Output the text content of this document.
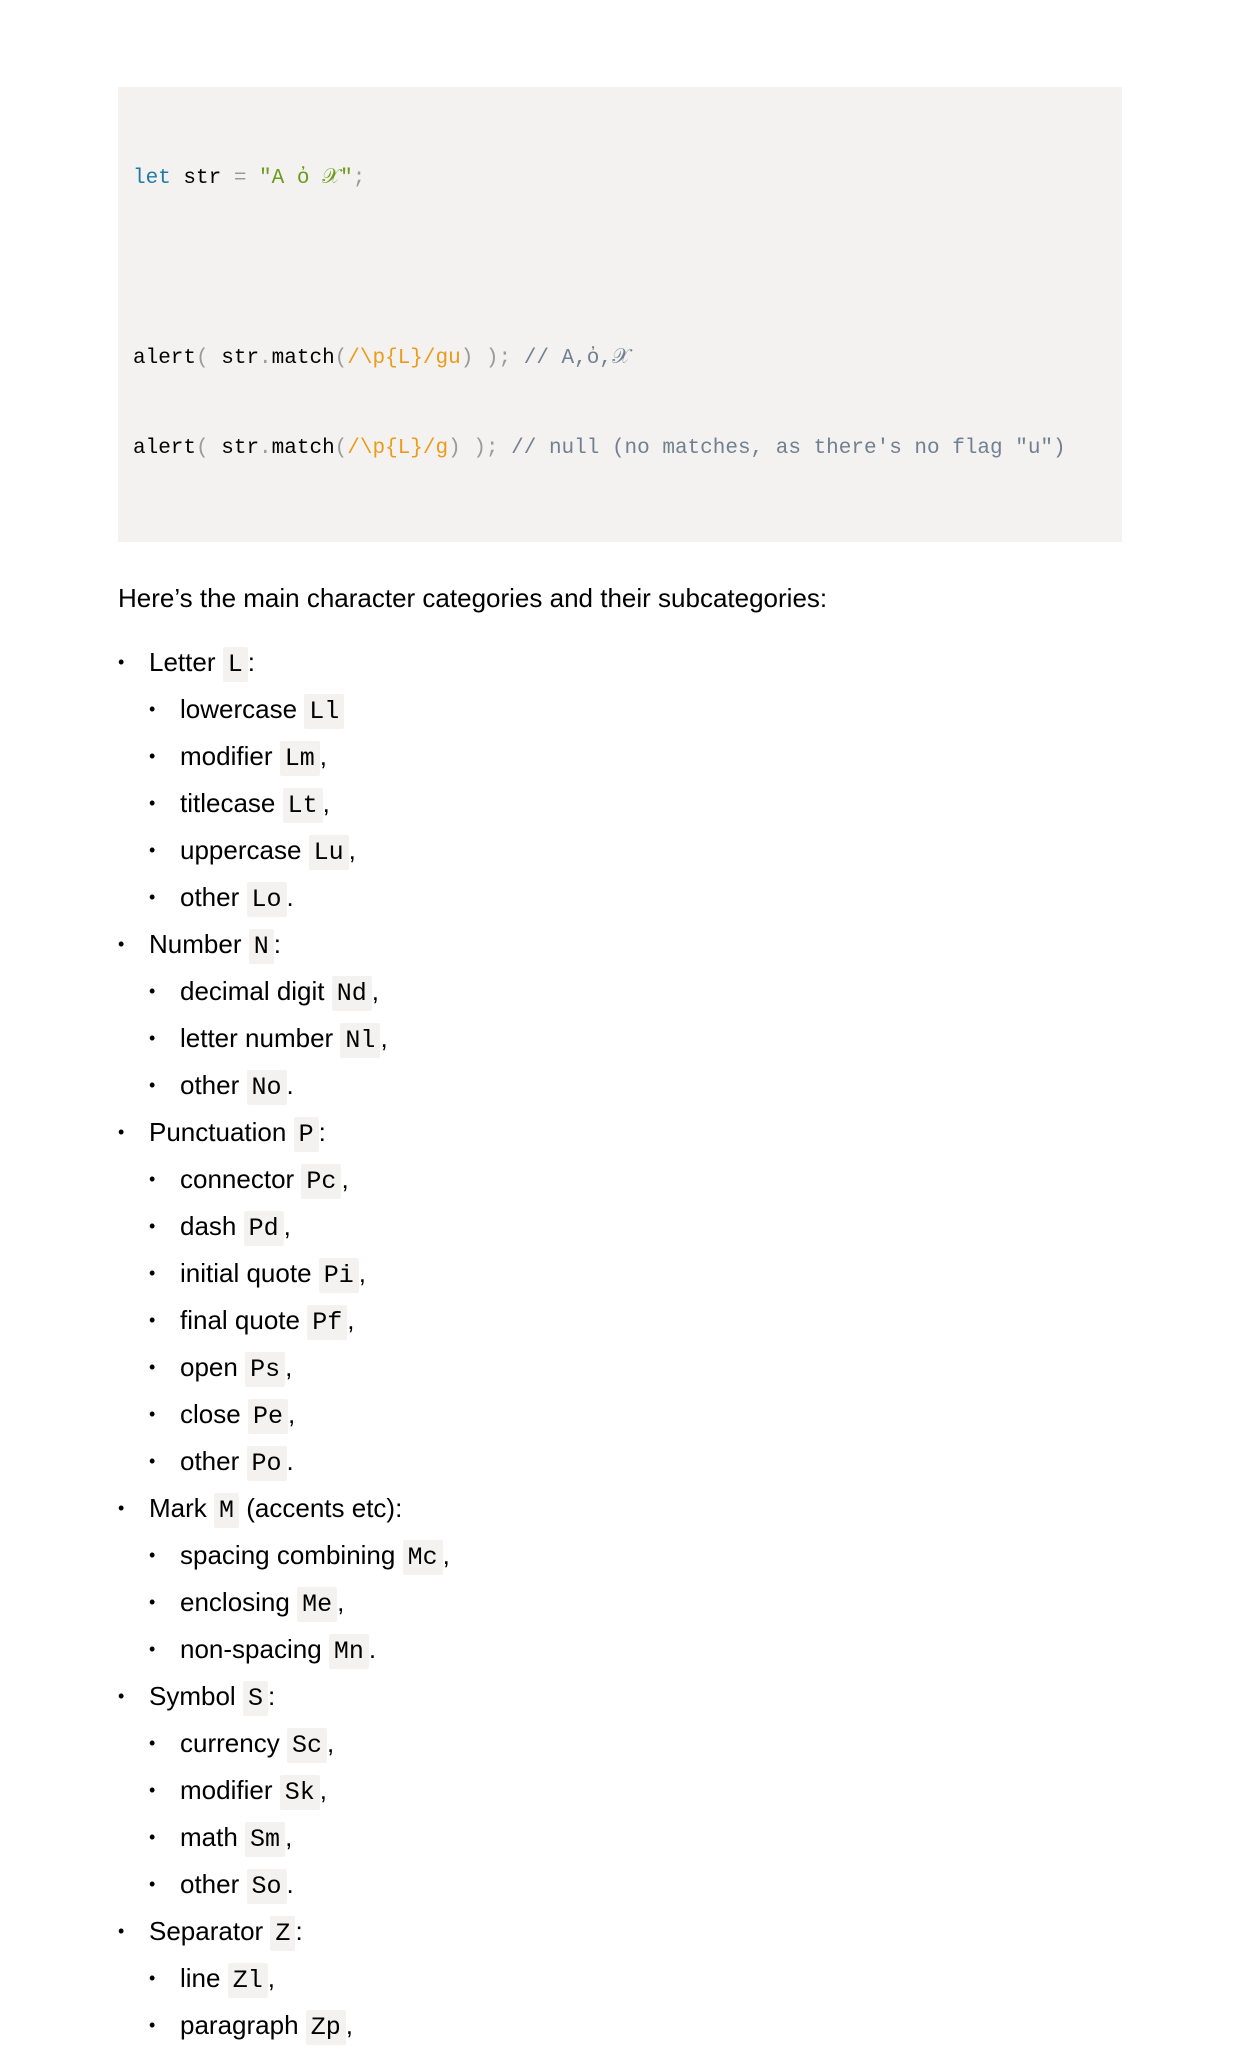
let str = "A ὀ 𝒳";

alert( str.match(/\p{L}/gu) ); // A,ὀ,𝒳

alert( str.match(/\p{L}/g) ); // null (no matches, as there's no flag "u")

Here’s the main character categories and their subcategories:

• Letter L :
• lowercase Ll
• modifier Lm ,
• titlecase Lt ,
• uppercase Lu ,
• other Lo .
• Number N :
• decimal digit Nd ,
• letter number Nl ,
• other No .
• Punctuation P :
• connector Pc ,
• dash Pd ,
• initial quote Pi ,
• final quote Pf ,
• open Ps ,
• close Pe ,
• other Po .
• Mark M (accents etc):
• spacing combining Mc ,
• enclosing Me ,
• non-spacing Mn .
• Symbol S :
• currency Sc ,
• modifier Sk ,
• math Sm ,
• other So .
• Separator Z :
• line Zl ,
• paragraph Zp ,
